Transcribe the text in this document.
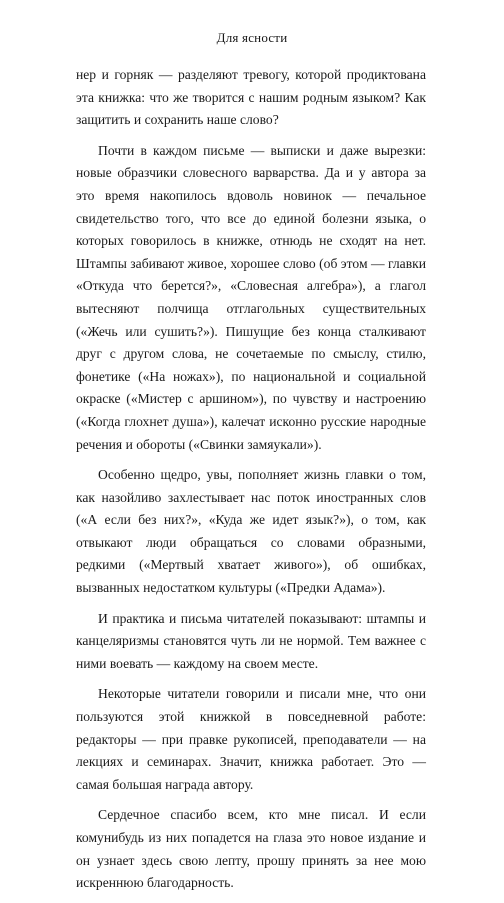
Для ясности

нер и горняк — разделяют тревогу, которой продиктована эта книжка: что же творится с нашим родным языком? Как защитить и сохранить наше слово?

Почти в каждом письме — выписки и даже вырезки: новые образчики словесного варварства. Да и у автора за это время накопилось вдоволь новинок — печальное свидетельство того, что все до единой болезни языка, о которых говорилось в книжке, отнюдь не сходят на нет. Штампы забивают живое, хорошее слово (об этом — главки «Откуда что берется?», «Словесная алгебра»), а глагол вытесняют полчища отглагольных существительных («Жечь или сушить?»). Пишущие без конца сталкивают друг с другом слова, не сочетаемые по смыслу, стилю, фонетике («На ножах»), по национальной и социальной окраске («Мистер с аршином»), по чувству и настроению («Когда глохнет душа»), калечат исконно русские народные речения и обороты («Свинки замяукали»).

Особенно щедро, увы, пополняет жизнь главки о том, как назойливо захлестывает нас поток иностранных слов («А если без них?», «Куда же идет язык?»), о том, как отвыкают люди обращаться со словами образными, редкими («Мертвый хватает живого»), об ошибках, вызванных недостатком культуры («Предки Адама»).

И практика и письма читателей показывают: штампы и канцеляризмы становятся чуть ли не нормой. Тем важнее с ними воевать — каждому на своем месте.

Некоторые читатели говорили и писали мне, что они пользуются этой книжкой в повседневной работе: редакторы — при правке рукописей, преподаватели — на лекциях и семинарах. Значит, книжка работает. Это — самая большая награда автору.

Сердечное спасибо всем, кто мне писал. И если комунибудь из них попадется на глаза это новое издание и он узнает здесь свою лепту, прошу принять за нее мою искреннюю благодарность.
